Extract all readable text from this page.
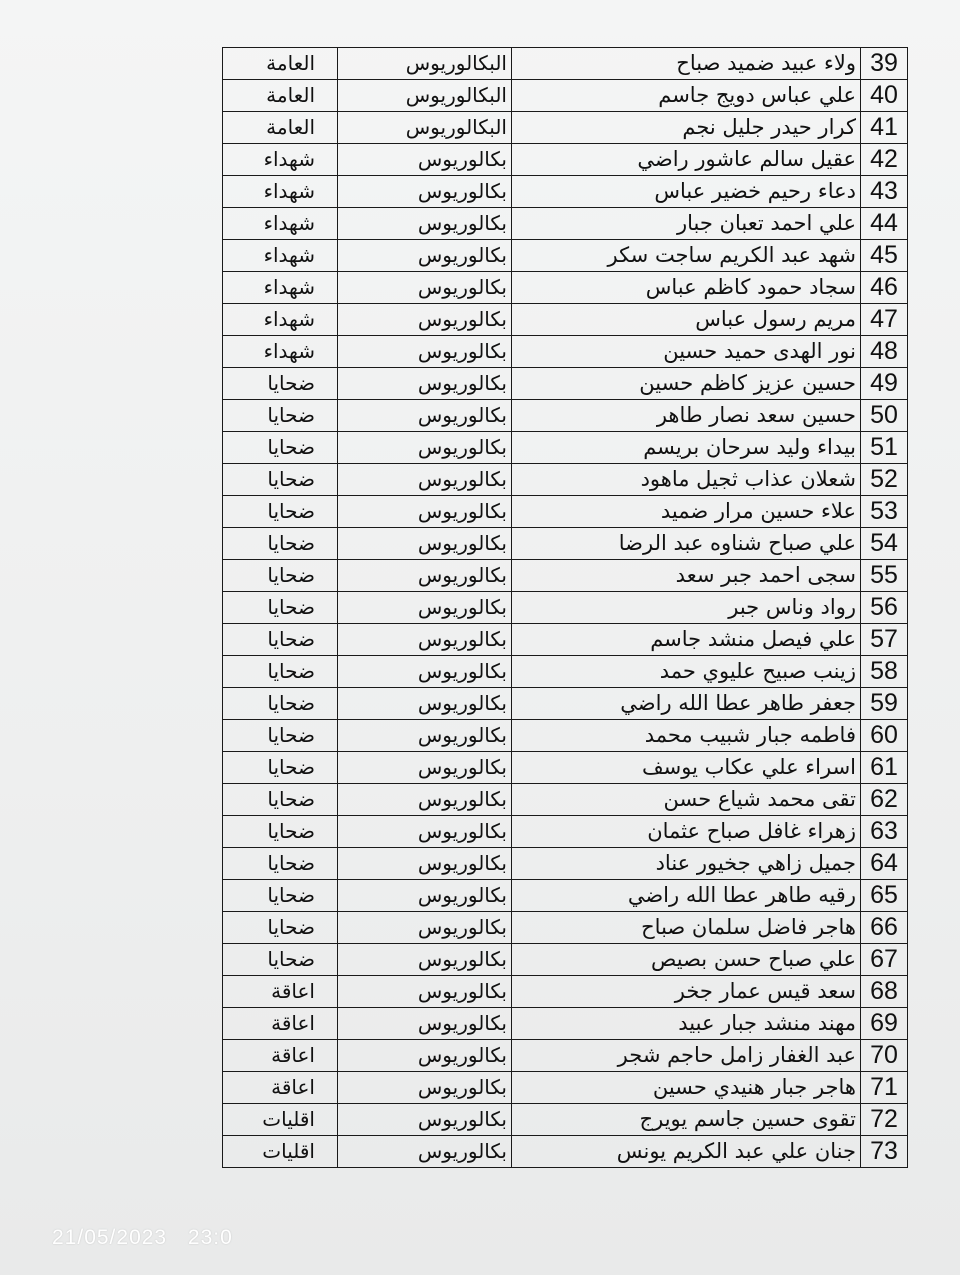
39	ولاء عبيد ضميد صباح	البكالوريوس	العامة
40	علي عباس دويج جاسم	البكالوريوس	العامة
41	كرار حيدر جليل نجم	البكالوريوس	العامة
42	عقيل سالم عاشور راضي	بكالوريوس	شهداء
43	دعاء رحيم خضير عباس	بكالوريوس	شهداء
44	علي احمد تعبان جبار	بكالوريوس	شهداء
45	شهد عبد الكريم ساجت سكر	بكالوريوس	شهداء
46	سجاد حمود كاظم عباس	بكالوريوس	شهداء
47	مريم رسول عباس	بكالوريوس	شهداء
48	نور الهدى حميد حسين	بكالوريوس	شهداء
49	حسين عزيز كاظم حسين	بكالوريوس	ضحايا
50	حسين سعد نصار طاهر	بكالوريوس	ضحايا
51	بيداء وليد سرحان بريسم	بكالوريوس	ضحايا
52	شعلان عذاب ثجيل ماهود	بكالوريوس	ضحايا
53	علاء حسين مرار ضميد	بكالوريوس	ضحايا
54	علي صباح شناوه عبد الرضا	بكالوريوس	ضحايا
55	سجى احمد جبر سعد	بكالوريوس	ضحايا
56	رواد وناس جبر	بكالوريوس	ضحايا
57	علي فيصل منشد جاسم	بكالوريوس	ضحايا
58	زينب صبيح عليوي حمد	بكالوريوس	ضحايا
59	جعفر طاهر عطا الله راضي	بكالوريوس	ضحايا
60	فاطمه جبار شبيب محمد	بكالوريوس	ضحايا
61	اسراء علي عكاب يوسف	بكالوريوس	ضحايا
62	تقى محمد شياع حسن	بكالوريوس	ضحايا
63	زهراء غافل صباح عثمان	بكالوريوس	ضحايا
64	جميل زاهي جخيور عناد	بكالوريوس	ضحايا
65	رقيه طاهر عطا الله راضي	بكالوريوس	ضحايا
66	هاجر فاضل سلمان صباح	بكالوريوس	ضحايا
67	علي صباح حسن بصيص	بكالوريوس	ضحايا
68	سعد قيس عمار جخر	بكالوريوس	اعاقة
69	مهند منشد جبار عبيد	بكالوريوس	اعاقة
70	عبد الغفار زامل حاجم شجر	بكالوريوس	اعاقة
71	هاجر جبار هنيدي حسين	بكالوريوس	اعاقة
72	تقوى حسين جاسم يويرج	بكالوريوس	اقليات
73	جنان علي عبد الكريم يونس	بكالوريوس	اقليات
21/05/2023 23:0
